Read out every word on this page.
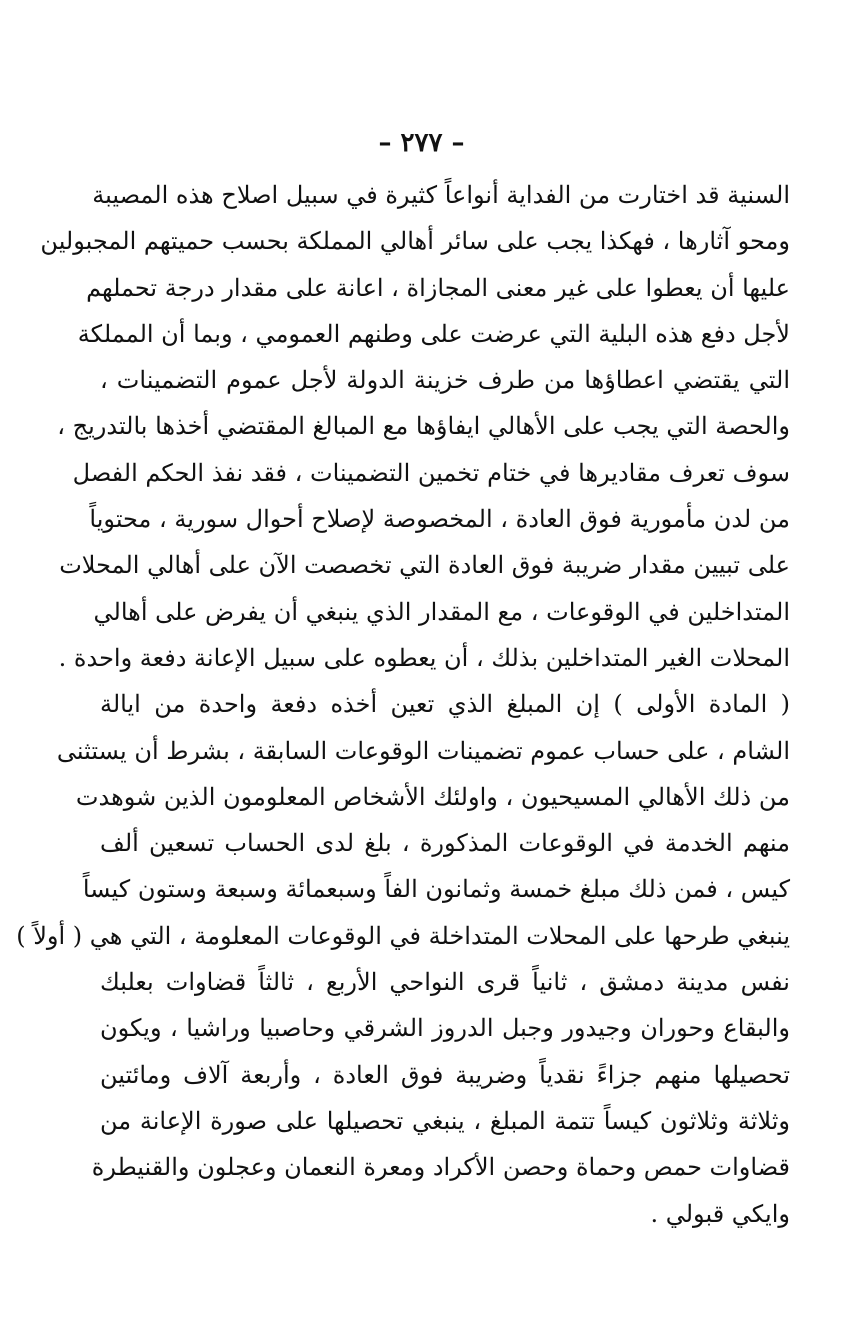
– ٢٧٧ –
السنية قد اختارت من الفداية أنواعاً كثيرة في سبيل اصلاح هذه المصيبة
ومحو آثارها ، فهكذا يجب على سائر أهالي المملكة بحسب حميتهم المجبولين
عليها أن يعطوا على غير معنى المجازاة ، اعانة على مقدار درجة تحملهم
لأجل دفع هذه البلية التي عرضت على وطنهم العمومي ، وبما أن المملكة
التي يقتضي اعطاؤها من طرف خزينة الدولة لأجل عموم التضمينات ،
والحصة التي يجب على الأهالي ايفاؤها مع المبالغ المقتضي أخذها بالتدريج ،
سوف تعرف مقاديرها في ختام تخمين التضمينات ، فقد نفذ الحكم الفصل
من لدن مأمورية فوق العادة ، المخصوصة لإصلاح أحوال سورية ، محتوياً
على تبيين مقدار ضريبة فوق العادة التي تخصصت الآن على أهالي المحلات
المتداخلين في الوقوعات ، مع المقدار الذي ينبغي أن يفرض على أهالي
المحلات الغير المتداخلين بذلك ، أن يعطوه على سبيل الإعانة دفعة واحدة .
( المادة الأولى ) إن المبلغ الذي تعين أخذه دفعة واحدة من ايالة
الشام ، على حساب عموم تضمينات الوقوعات السابقة ، بشرط أن يستثنى
من ذلك الأهالي المسيحيون ، واولئك الأشخاص المعلومون الذين شوهدت
منهم الخدمة في الوقوعات المذكورة ، بلغ لدى الحساب تسعين ألف
كيس ، فمن ذلك مبلغ خمسة وثمانون الفاً وسبعمائة وسبعة وستون كيساً
ينبغي طرحها على المحلات المتداخلة في الوقوعات المعلومة ، التي هي ( أولاً )
نفس مدينة دمشق ، ثانياً قرى النواحي الأربع ، ثالثاً قضاوات بعلبك
والبقاع وحوران وجيدور وجبل الدروز الشرقي وحاصبيا وراشيا ، ويكون
تحصيلها منهم جزاءً نقدياً وضريبة فوق العادة ، وأربعة آلاف ومائتين
وثلاثة وثلاثون كيساً تتمة المبلغ ، ينبغي تحصيلها على صورة الإعانة من
قضاوات حمص وحماة وحصن الأكراد ومعرة النعمان وعجلون والقنيطرة
وايكي قبولي .
